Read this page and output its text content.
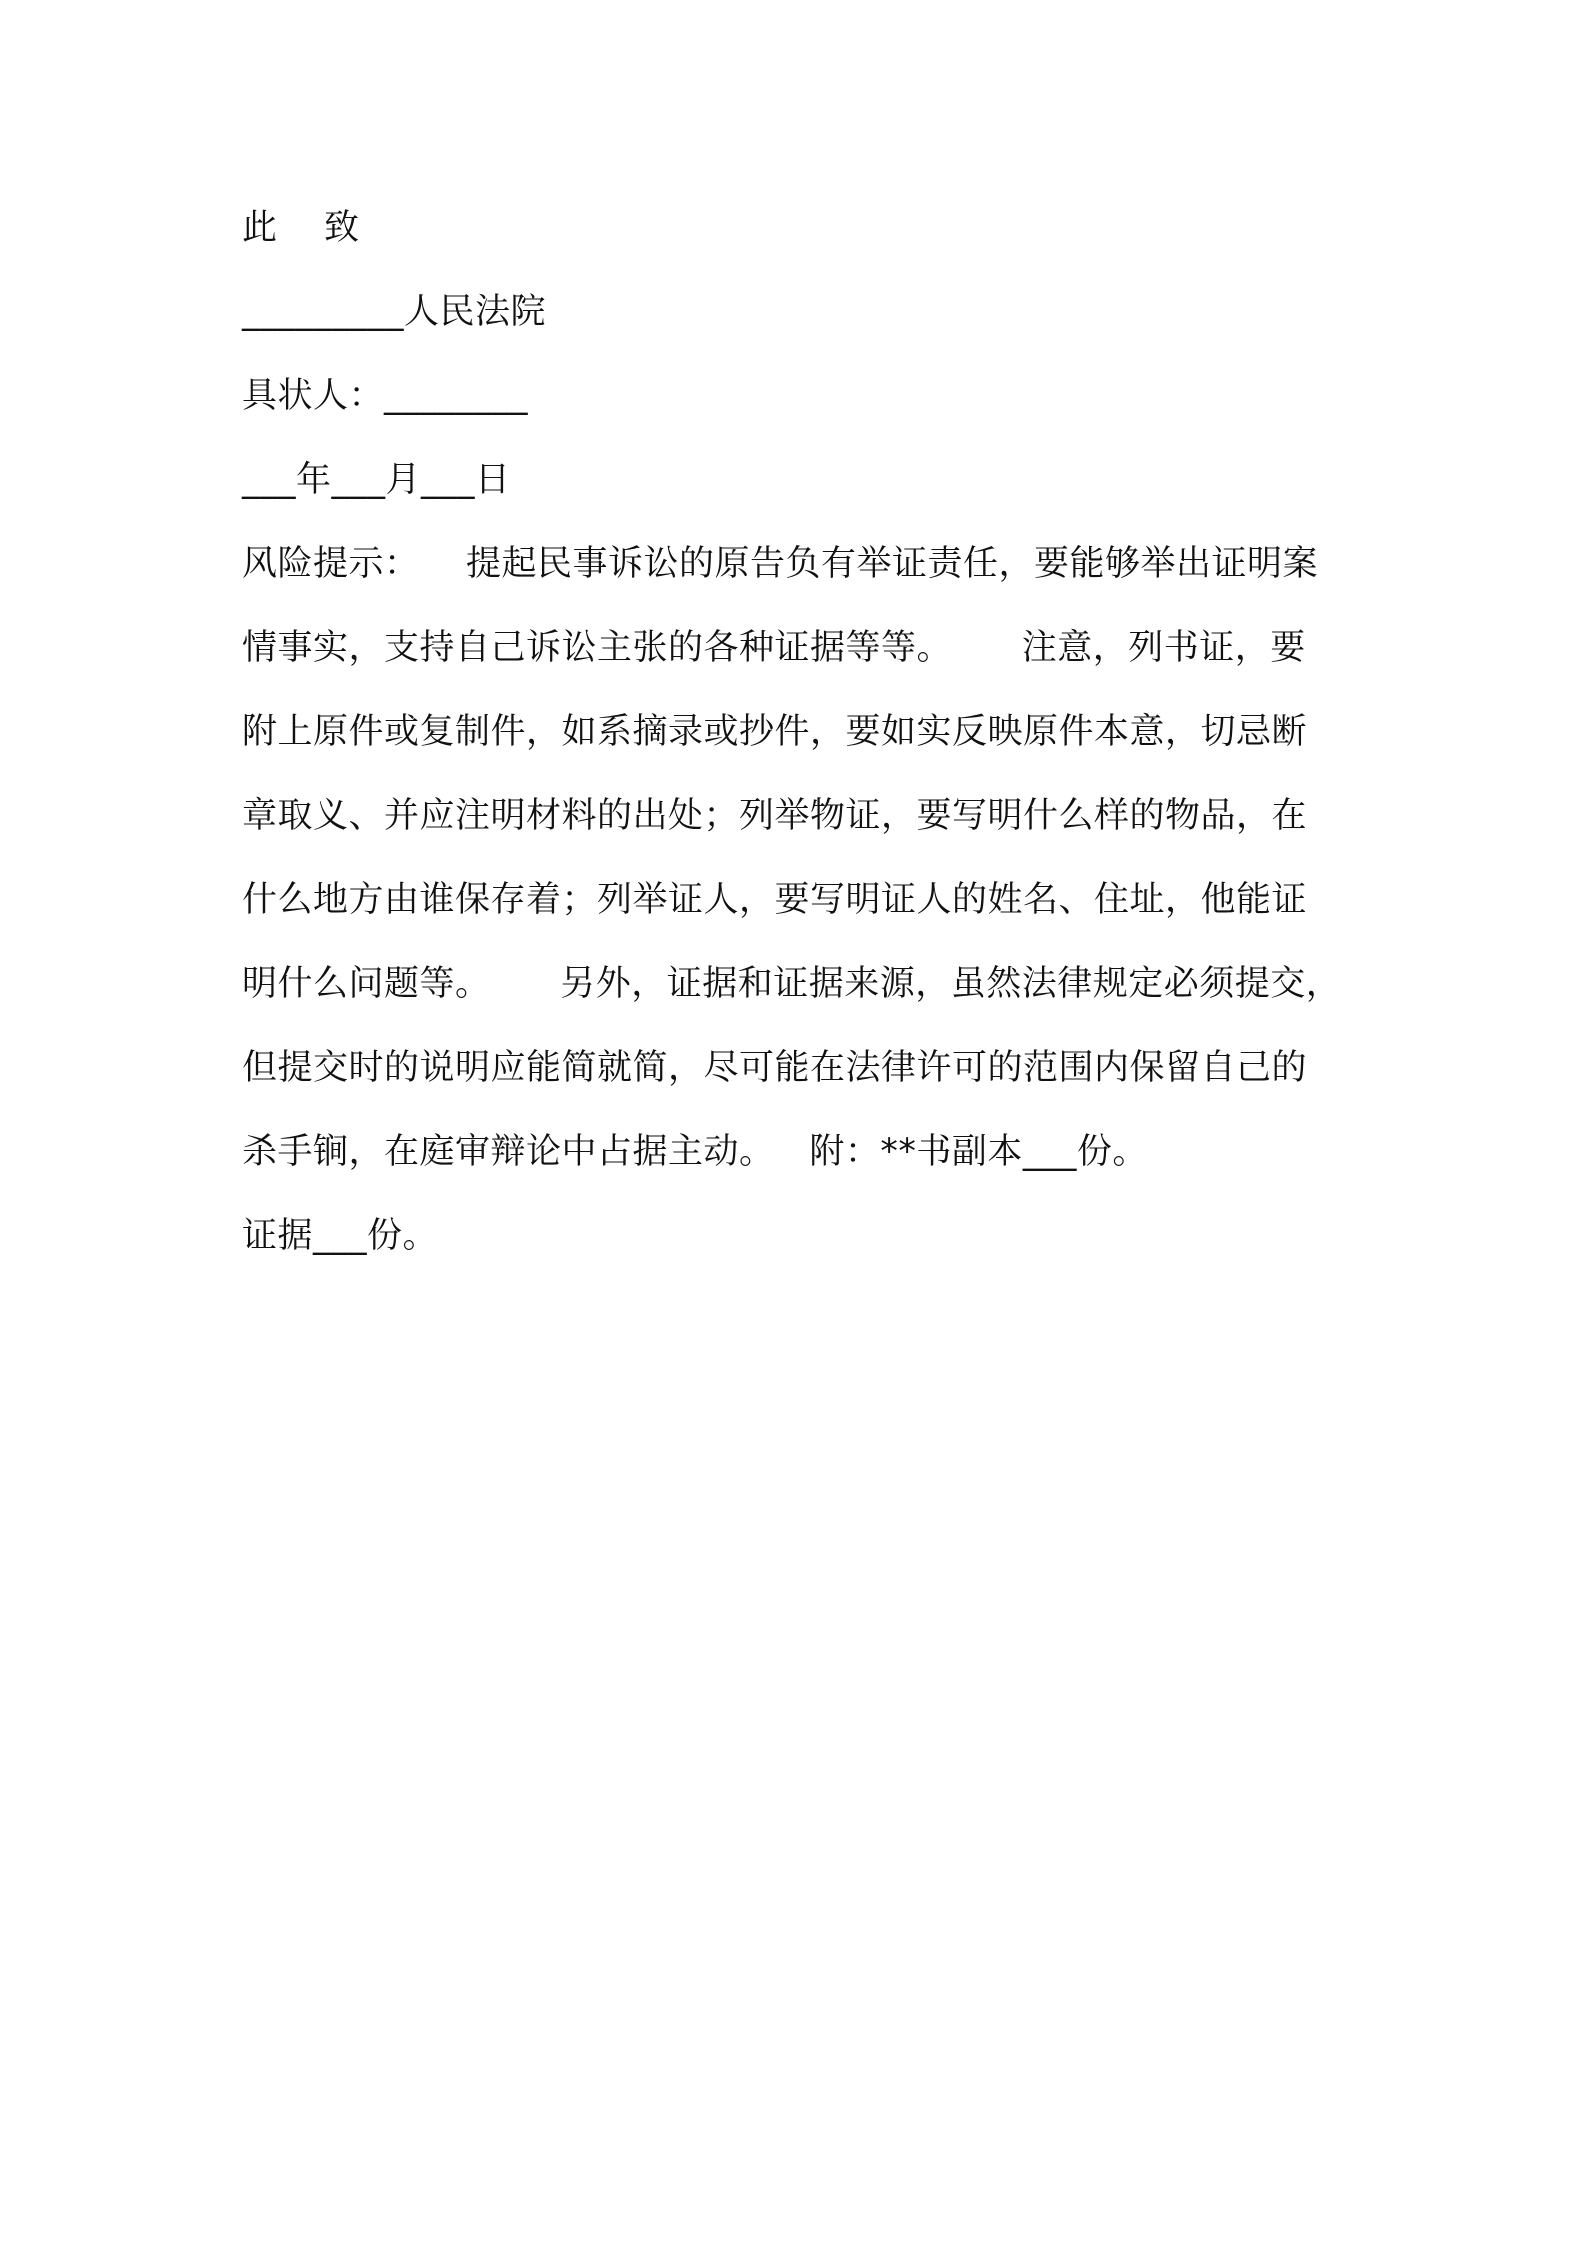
此    致
_________人民法院
具状人：________
___年___月___日
风险提示：    提起民事诉讼的原告负有举证责任，要能够举出证明案
情事实，支持自己诉讼主张的各种证据等等。      注意，列书证，要
附上原件或复制件，如系摘录或抄件，要如实反映原件本意，切忌断
章取义、并应注明材料的出处；列举物证，要写明什么样的物品，在
什么地方由谁保存着；列举证人，要写明证人的姓名、住址，他能证
明什么问题等。      另外，证据和证据来源，虽然法律规定必须提交，
但提交时的说明应能简就简，尽可能在法律许可的范围内保留自己的
杀手锏，在庭审辩论中占据主动。   附：**书副本___份。
证据___份。
